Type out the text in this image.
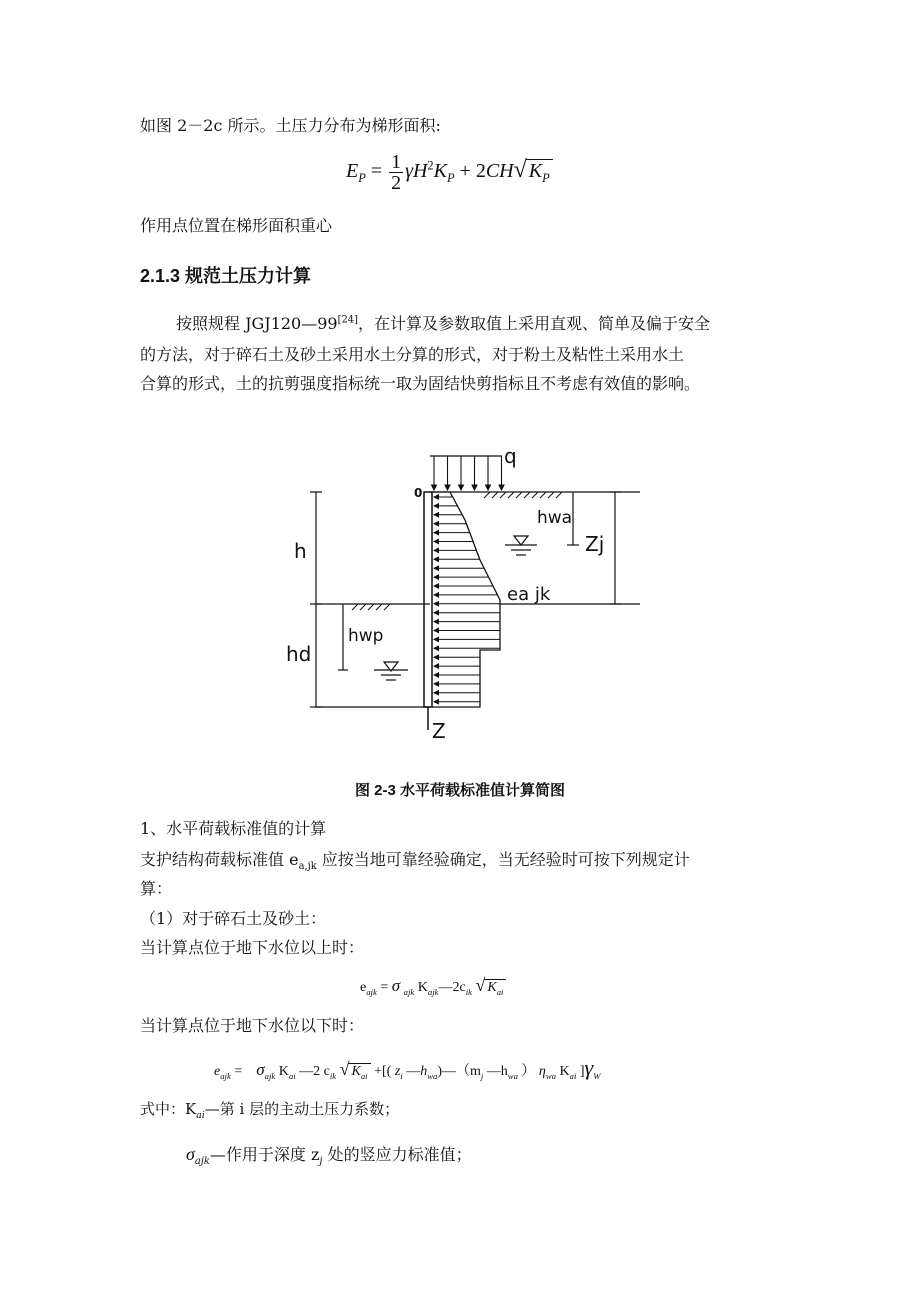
如图 2－2c 所示。土压力分布为梯形面积:
$E_P = \frac{1}{2} \gamma H^2K_P + 2CH√$ $K_P$
作用点位置在梯形面积重心
2.1.3 规范土压力计算
按照规程 JGJ120—99[24]，在计算及参数取值上采用直观、简单及偏于安全
的方法，对于碎石土及砂土采用水土分算的形式，对于粉土及粘性土采用水土
合算的形式，土的抗剪强度指标统一取为固结快剪指标且不考虑有效值的影响。
q
0
h
hwa
Zj
ea jk
hd
hwp
Z
图 2-3 水平荷载标准值计算简图
1、水平荷载标准值的计算
支护结构荷载标准值 $e_{a,jk}$ 应按当地可靠经验确定，当无经验时可按下列规定计
算：
（1）对于碎石土及砂土：
当计算点位于地下水位以上时：
$e_{ajk} = \sigma$ $_{ajk}$ $K_{ajk}—2c_{ik}$ √ $K_{ai}$
当计算点位于地下水位以下时：
$e_{ajk} = \sigma_{ajk}$ $K_{ai}$ —2 $c_{ik}$ √ $K_{ai}$ +[( $z_i$ $—h_{wa})—(m_j$ $—h_{wa}$ ） $\eta_{wa}$ $K_{ai}$ ]$\gamma_W$
式中：$K_{ai}—$第 i 层的主动土压力系数；
$\sigma_{ajk}—$作用于深度 $z_j$ 处的竖应力标准值；
